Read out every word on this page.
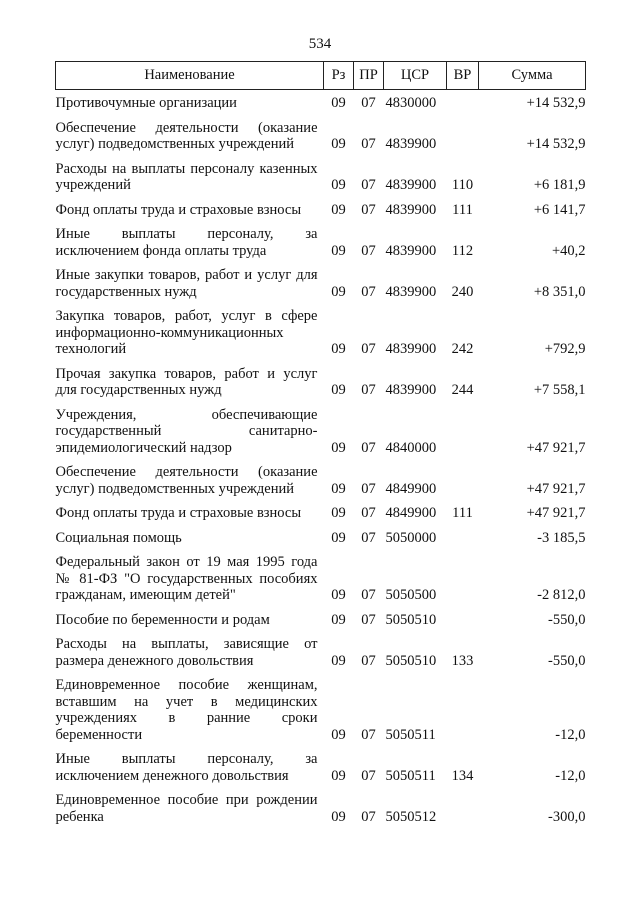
534
Наименование	Рз	ПР	ЦСР	ВР	Сумма
Противочумные организации	09	07	4830000		+14 532,9
Обеспечение деятельности (оказание услуг) подведомственных учреждений	09	07	4839900		+14 532,9
Расходы на выплаты персоналу казенных учреждений	09	07	4839900	110	+6 181,9
Фонд оплаты труда и страховые взносы	09	07	4839900	111	+6 141,7
Иные выплаты персоналу, за исключением фонда оплаты труда	09	07	4839900	112	+40,2
Иные закупки товаров, работ и услуг для государственных нужд	09	07	4839900	240	+8 351,0
Закупка товаров, работ, услуг в сфере информационно-коммуникационных технологий	09	07	4839900	242	+792,9
Прочая закупка товаров, работ и услуг для государственных нужд	09	07	4839900	244	+7 558,1
Учреждения, обеспечивающие государственный санитарно-эпидемиологический надзор	09	07	4840000		+47 921,7
Обеспечение деятельности (оказание услуг) подведомственных учреждений	09	07	4849900		+47 921,7
Фонд оплаты труда и страховые взносы	09	07	4849900	111	+47 921,7
Социальная помощь	09	07	5050000		-3 185,5
Федеральный закон от 19 мая 1995 года № 81-ФЗ "О государственных пособиях гражданам, имеющим детей"	09	07	5050500		-2 812,0
Пособие по беременности и родам	09	07	5050510		-550,0
Расходы на выплаты, зависящие от размера денежного довольствия	09	07	5050510	133	-550,0
Единовременное пособие женщинам, вставшим на учет в медицинских учреждениях в ранние сроки беременности	09	07	5050511		-12,0
Иные выплаты персоналу, за исключением денежного довольствия	09	07	5050511	134	-12,0
Единовременное пособие при рождении ребенка	09	07	5050512		-300,0
